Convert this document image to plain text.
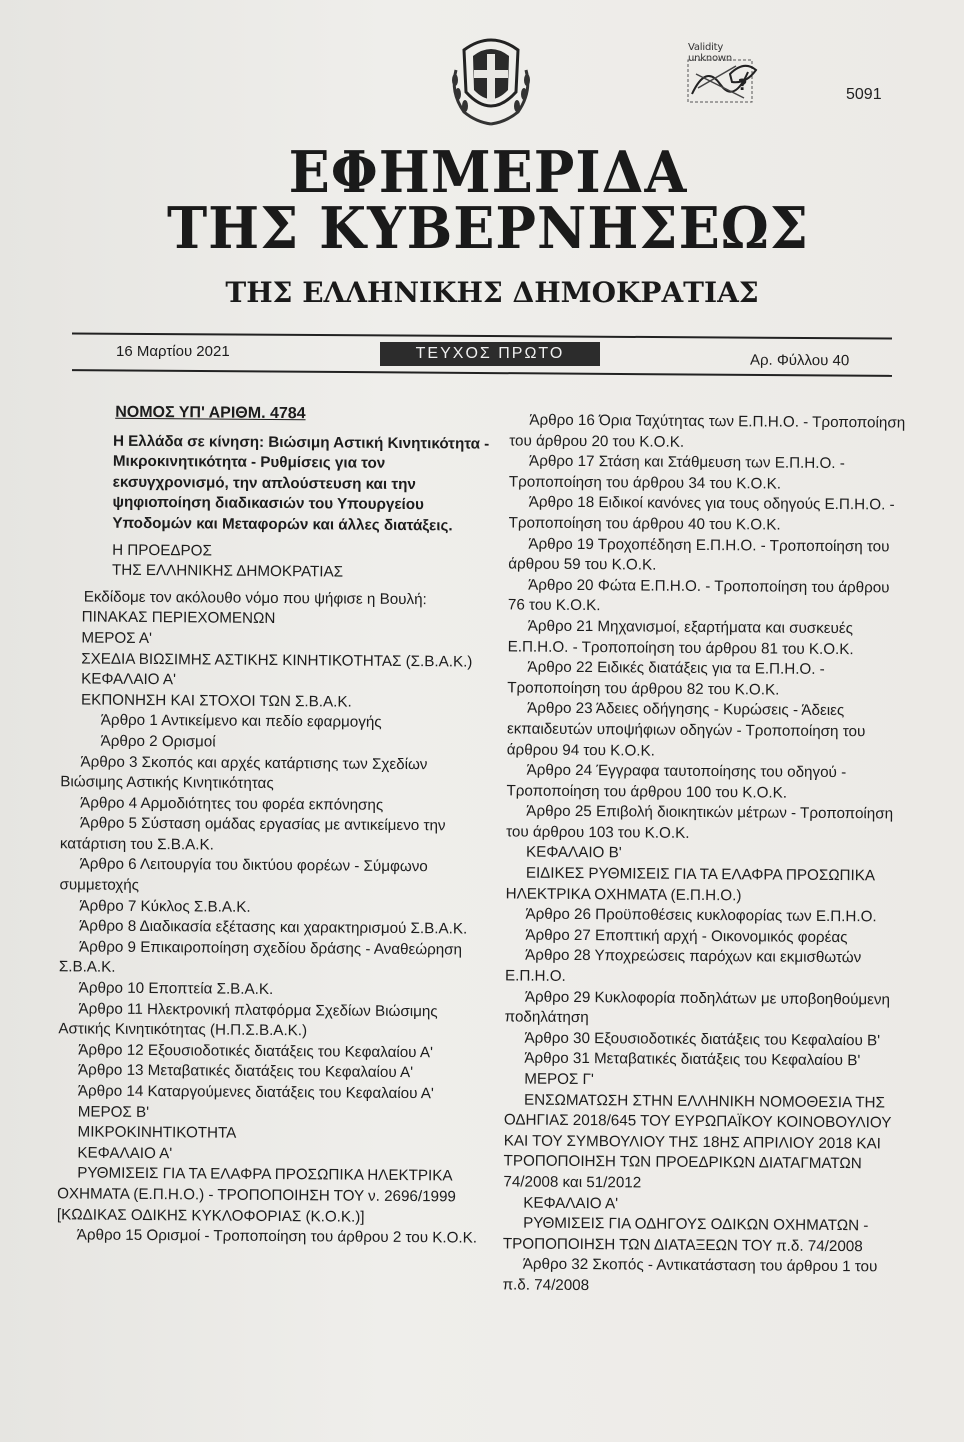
Validity unknown
?
5091
ΕΦΗΜΕΡΙΔΑ
ΤΗΣ ΚΥΒΕΡΝΗΣΕΩΣ
ΤΗΣ ΕΛΛΗΝΙΚΗΣ ΔΗΜΟΚΡΑΤΙΑΣ
16 Μαρτίου 2021	ΤΕΥΧΟΣ ΠΡΩΤΟ	Αρ. Φύλλου 40

ΝΟΜΟΣ ΥΠ' ΑΡΙΘΜ. 4784

Η Ελλάδα σε κίνηση: Βιώσιμη Αστική Κινητικότητα - Μικροκινητικότητα - Ρυθμίσεις για τον εκσυγχρονισμό, την απλούστευση και την ψηφιοποίηση διαδικασιών του Υπουργείου Υποδομών και Μεταφορών και άλλες διατάξεις.

Η ΠΡΟΕΔΡΟΣ

ΤΗΣ ΕΛΛΗΝΙΚΗΣ ΔΗΜΟΚΡΑΤΙΑΣ

Εκδίδομε τον ακόλουθο νόμο που ψήφισε η Βουλή:

ΠΙΝΑΚΑΣ ΠΕΡΙΕΧΟΜΕΝΩΝ

ΜΕΡΟΣ Α'

ΣΧΕΔΙΑ ΒΙΩΣΙΜΗΣ ΑΣΤΙΚΗΣ ΚΙΝΗΤΙΚΟΤΗΤΑΣ (Σ.Β.Α.Κ.)

ΚΕΦΑΛΑΙΟ Α'

ΕΚΠΟΝΗΣΗ ΚΑΙ ΣΤΟΧΟΙ ΤΩΝ Σ.Β.Α.Κ.

Άρθρο 1 Αντικείμενο και πεδίο εφαρμογής

Άρθρο 2 Ορισμοί

Άρθρο 3 Σκοπός και αρχές κατάρτισης των Σχεδίων Βιώσιμης Αστικής Κινητικότητας

Άρθρο 4 Αρμοδιότητες του φορέα εκπόνησης

Άρθρο 5 Σύσταση ομάδας εργασίας με αντικείμενο την κατάρτιση του Σ.Β.Α.Κ.

Άρθρο 6 Λειτουργία του δικτύου φορέων - Σύμφωνο συμμετοχής

Άρθρο 7 Κύκλος Σ.Β.Α.Κ.

Άρθρο 8 Διαδικασία εξέτασης και χαρακτηρισμού Σ.Β.Α.Κ.

Άρθρο 9 Επικαιροποίηση σχεδίου δράσης - Αναθεώρηση Σ.Β.Α.Κ.

Άρθρο 10 Εποπτεία Σ.Β.Α.Κ.

Άρθρο 11 Ηλεκτρονική πλατφόρμα Σχεδίων Βιώσιμης Αστικής Κινητικότητας (Η.Π.Σ.Β.Α.Κ.)

Άρθρο 12 Εξουσιοδοτικές διατάξεις του Κεφαλαίου Α'

Άρθρο 13 Μεταβατικές διατάξεις του Κεφαλαίου Α'

Άρθρο 14 Καταργούμενες διατάξεις του Κεφαλαίου Α'

ΜΕΡΟΣ Β'

ΜΙΚΡΟΚΙΝΗΤΙΚΟΤΗΤΑ

ΚΕΦΑΛΑΙΟ Α'

ΡΥΘΜΙΣΕΙΣ ΓΙΑ ΤΑ ΕΛΑΦΡΑ ΠΡΟΣΩΠΙΚΑ ΗΛΕΚΤΡΙΚΑ ΟΧΗΜΑΤΑ (Ε.Π.Η.Ο.) - ΤΡΟΠΟΠΟΙΗΣΗ ΤΟΥ ν. 2696/1999 [ΚΩΔΙΚΑΣ ΟΔΙΚΗΣ ΚΥΚΛΟΦΟΡΙΑΣ (Κ.Ο.Κ.)]

Άρθρο 15 Ορισμοί - Τροποποίηση του άρθρου 2 του Κ.Ο.Κ.

Άρθρο 16 Όρια Ταχύτητας των Ε.Π.Η.Ο. - Τροποποίηση του άρθρου 20 του Κ.Ο.Κ.

Άρθρο 17 Στάση και Στάθμευση των Ε.Π.Η.Ο. - Τροποποίηση του άρθρου 34 του Κ.Ο.Κ.

Άρθρο 18 Ειδικοί κανόνες για τους οδηγούς Ε.Π.Η.Ο. - Τροποποίηση του άρθρου 40 του Κ.Ο.Κ.

Άρθρο 19 Τροχοπέδηση Ε.Π.Η.Ο. - Τροποποίηση του άρθρου 59 του Κ.Ο.Κ.

Άρθρο 20 Φώτα Ε.Π.Η.Ο. - Τροποποίηση του άρθρου 76 του Κ.Ο.Κ.

Άρθρο 21 Μηχανισμοί, εξαρτήματα και συσκευές Ε.Π.Η.Ο. - Τροποποίηση του άρθρου 81 του Κ.Ο.Κ.

Άρθρο 22 Ειδικές διατάξεις για τα Ε.Π.Η.Ο. - Τροποποίηση του άρθρου 82 του Κ.Ο.Κ.

Άρθρο 23 Άδειες οδήγησης - Κυρώσεις - Άδειες εκπαιδευτών υποψήφιων οδηγών - Τροποποίηση του άρθρου 94 του Κ.Ο.Κ.

Άρθρο 24 Έγγραφα ταυτοποίησης του οδηγού - Τροποποίηση του άρθρου 100 του Κ.Ο.Κ.

Άρθρο 25 Επιβολή διοικητικών μέτρων - Τροποποίηση του άρθρου 103 του Κ.Ο.Κ.

ΚΕΦΑΛΑΙΟ Β'

ΕΙΔΙΚΕΣ ΡΥΘΜΙΣΕΙΣ ΓΙΑ ΤΑ ΕΛΑΦΡΑ ΠΡΟΣΩΠΙΚΑ ΗΛΕΚΤΡΙΚΑ ΟΧΗΜΑΤΑ (Ε.Π.Η.Ο.)

Άρθρο 26 Προϋποθέσεις κυκλοφορίας των Ε.Π.Η.Ο.

Άρθρο 27 Εποπτική αρχή - Οικονομικός φορέας

Άρθρο 28 Υποχρεώσεις παρόχων και εκμισθωτών Ε.Π.Η.Ο.

Άρθρο 29 Κυκλοφορία ποδηλάτων με υποβοηθούμενη ποδηλάτηση

Άρθρο 30 Εξουσιοδοτικές διατάξεις του Κεφαλαίου Β'

Άρθρο 31 Μεταβατικές διατάξεις του Κεφαλαίου Β'

ΜΕΡΟΣ Γ'

ΕΝΣΩΜΑΤΩΣΗ ΣΤΗΝ ΕΛΛΗΝΙΚΗ ΝΟΜΟΘΕΣΙΑ ΤΗΣ ΟΔΗΓΙΑΣ 2018/645 ΤΟΥ ΕΥΡΩΠΑΪΚΟΥ ΚΟΙΝΟΒΟΥΛΙΟΥ ΚΑΙ ΤΟΥ ΣΥΜΒΟΥΛΙΟΥ ΤΗΣ 18ΗΣ ΑΠΡΙΛΙΟΥ 2018 ΚΑΙ ΤΡΟΠΟΠΟΙΗΣΗ ΤΩΝ ΠΡΟΕΔΡΙΚΩΝ ΔΙΑΤΑΓΜΑΤΩΝ 74/2008 και 51/2012

ΚΕΦΑΛΑΙΟ Α'

ΡΥΘΜΙΣΕΙΣ ΓΙΑ ΟΔΗΓΟΥΣ ΟΔΙΚΩΝ ΟΧΗΜΑΤΩΝ - ΤΡΟΠΟΠΟΙΗΣΗ ΤΩΝ ΔΙΑΤΑΞΕΩΝ ΤΟΥ π.δ. 74/2008

Άρθρο 32 Σκοπός - Αντικατάσταση του άρθρου 1 του π.δ. 74/2008
